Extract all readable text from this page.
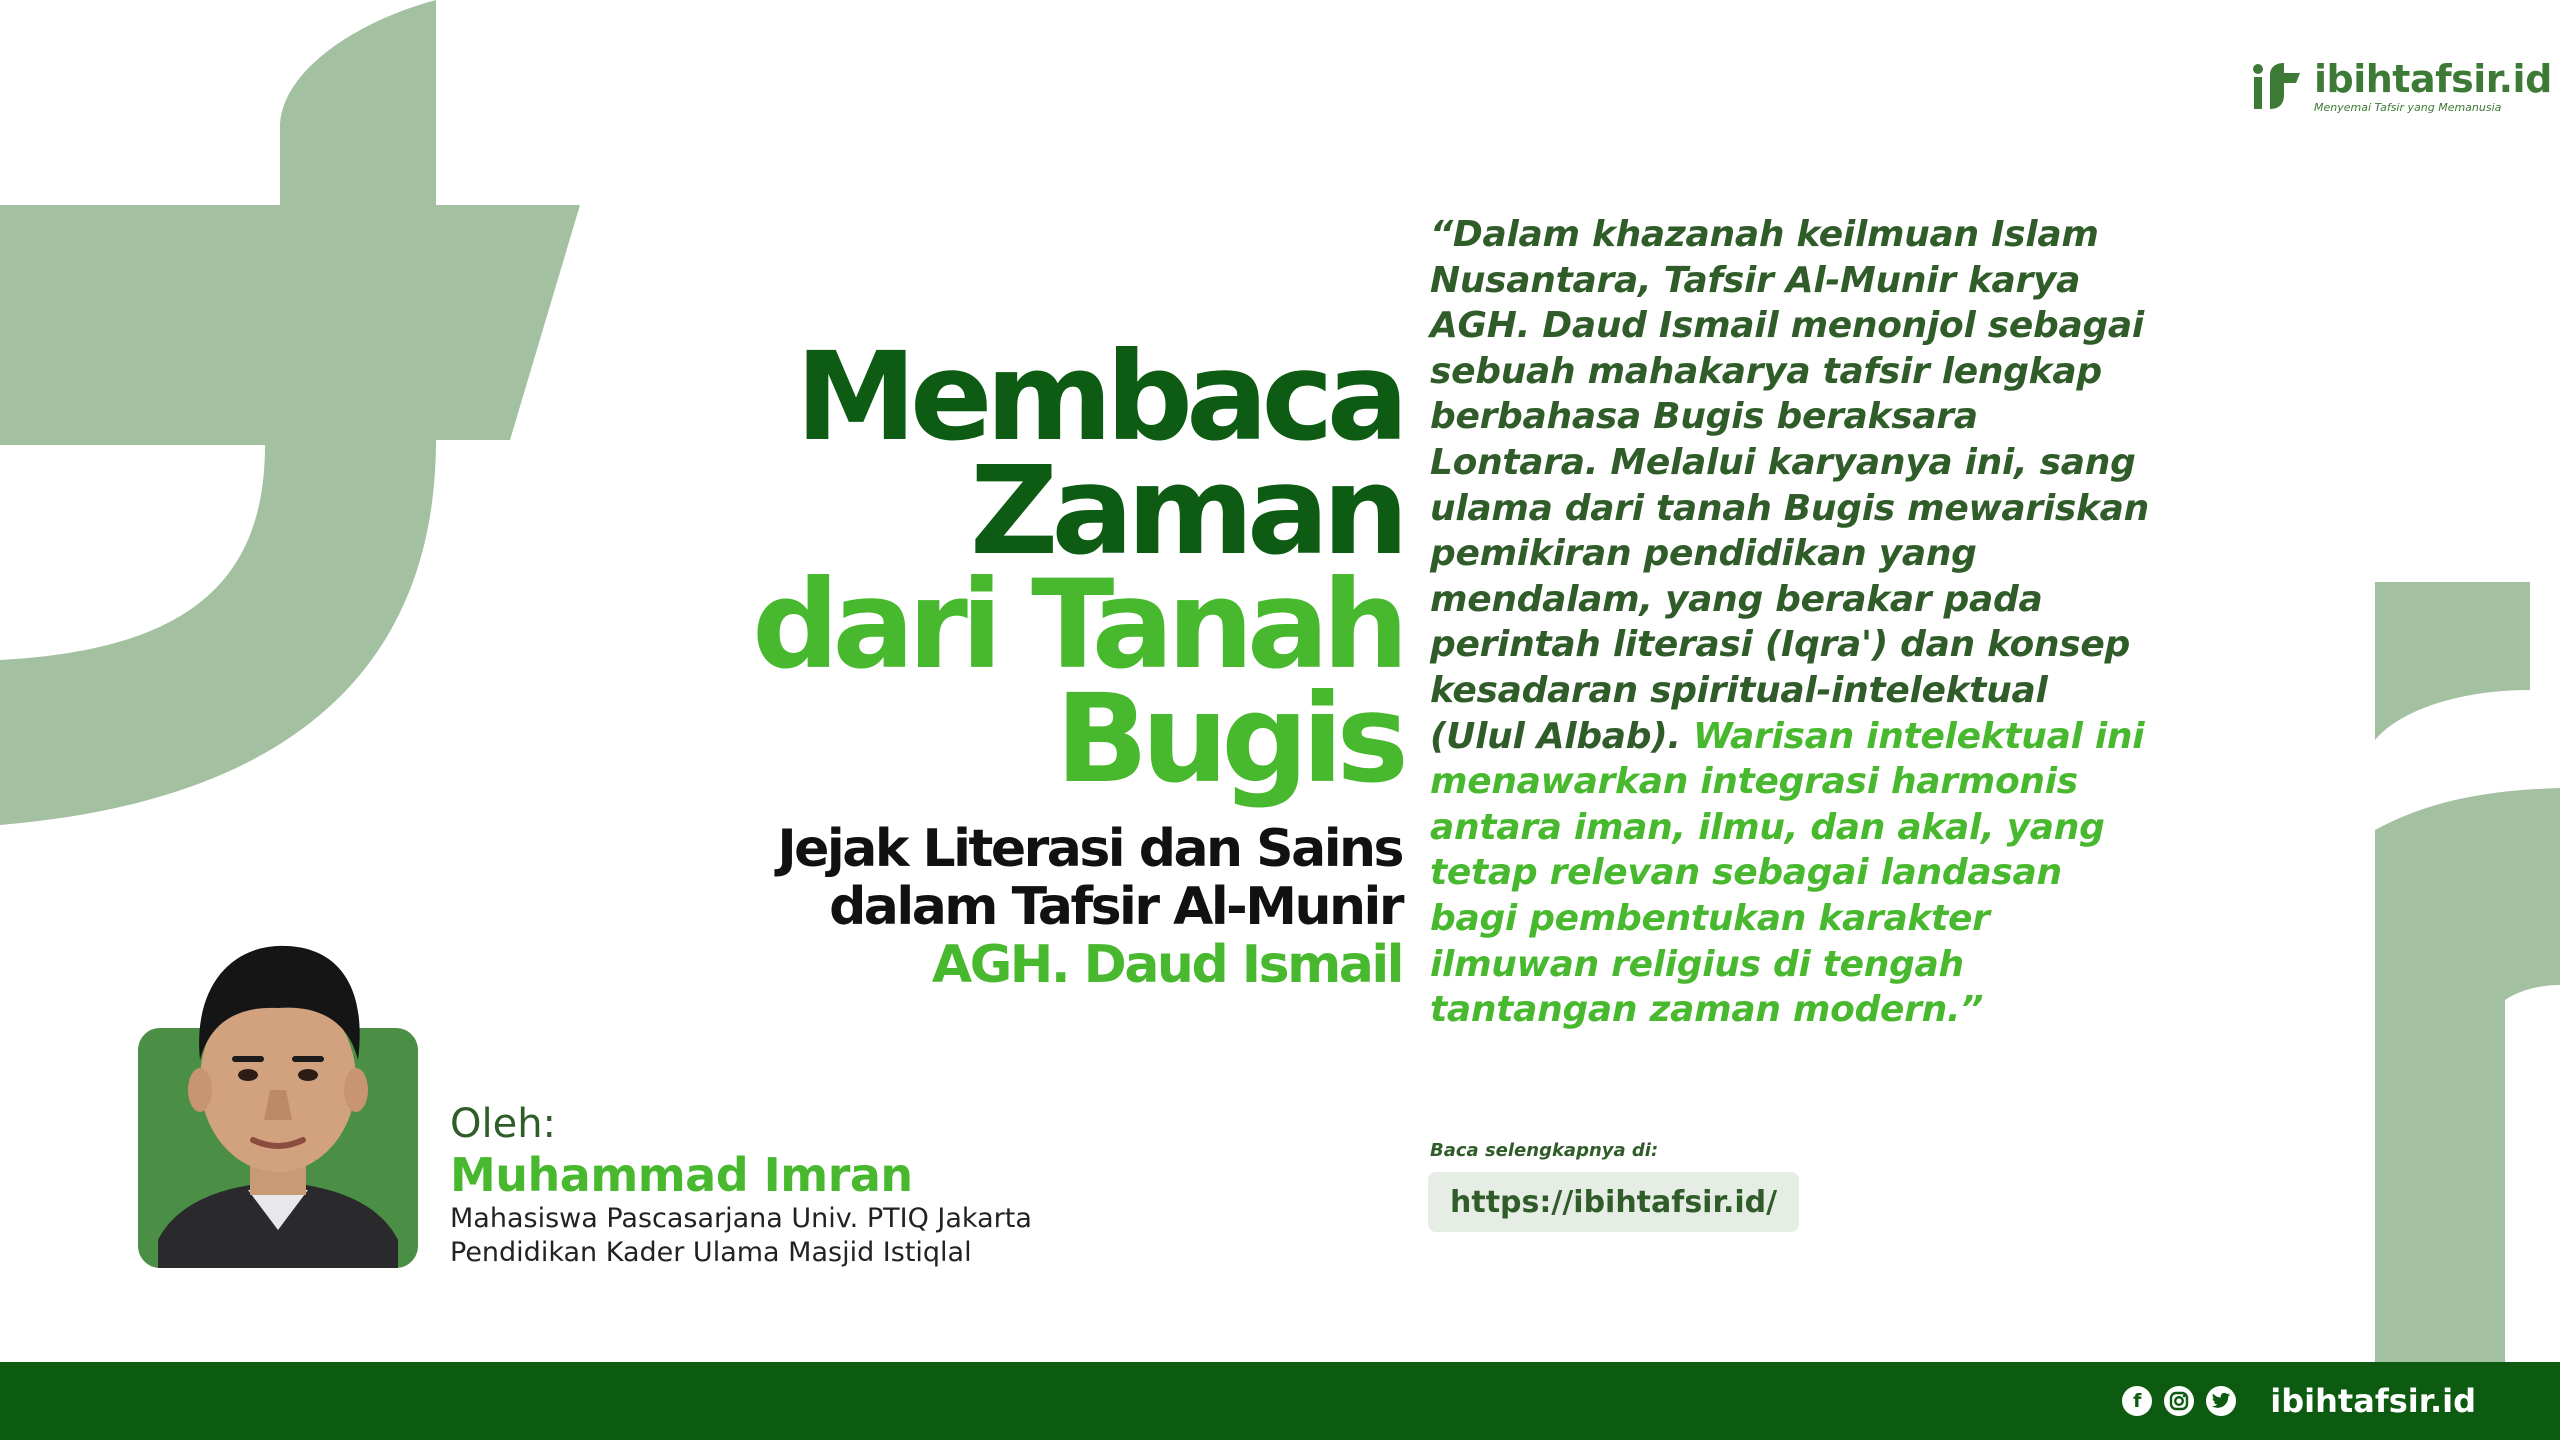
ibihtafsir.id
Menyemai Tafsir yang Memanusia
Membaca
Zaman
dari Tanah
Bugis
Jejak Literasi dan Sains
dalam Tafsir Al-Munir
AGH. Daud Ismail

“Dalam khazanah keilmuan Islam Nusantara, Tafsir Al-Munir karya AGH. Daud Ismail menonjol sebagai sebuah mahakarya tafsir lengkap berbahasa Bugis beraksara Lontara. Melalui karyanya ini, sang ulama dari tanah Bugis mewariskan pemikiran pendidikan yang mendalam, yang berakar pada perintah literasi (Iqra') dan konsep kesadaran spiritual-intelektual (Ulul Albab). Warisan intelektual ini menawarkan integrasi harmonis antara iman, ilmu, dan akal, yang tetap relevan sebagai landasan bagi pembentukan karakter ilmuwan religius di tengah tantangan zaman modern.”

Baca selengkapnya di:
https://ibihtafsir.id/
Oleh:
Muhammad Imran
Mahasiswa Pascasarjana Univ. PTIQ Jakarta
Pendidikan Kader Ulama Masjid Istiqlal
f	ibihtafsir.id
